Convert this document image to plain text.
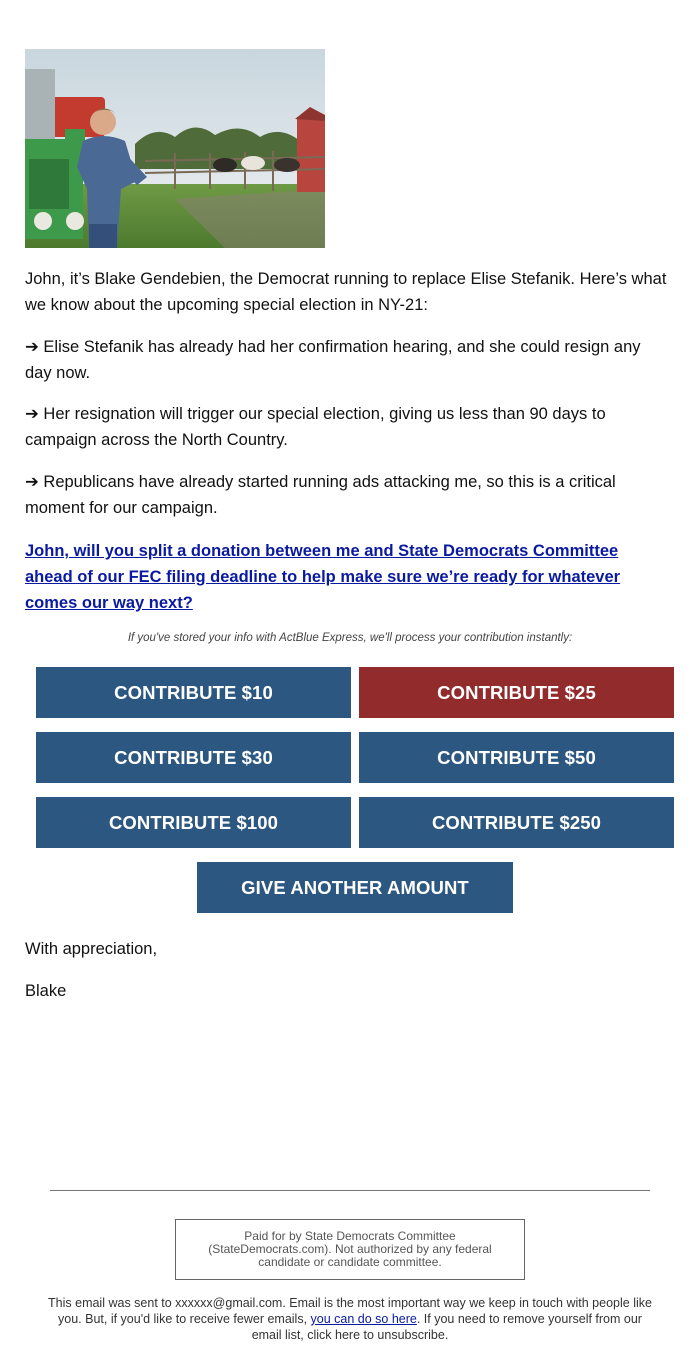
John, it’s Blake Gendebien, the Democrat running to replace Elise Stefanik. Here’s what we know about the upcoming special election in NY-21:

➔ Elise Stefanik has already had her confirmation hearing, and she could resign any day now.

➔ Her resignation will trigger our special election, giving us less than 90 days to campaign across the North Country.

➔ Republicans have already started running ads attacking me, so this is a critical moment for our campaign.

John, will you split a donation between me and State Democrats Committee ahead of our FEC filing deadline to help make sure we’re ready for whatever comes our way next?
If you've stored your info with ActBlue Express, we'll process your contribution instantly:
CONTRIBUTE $10	CONTRIBUTE $25
CONTRIBUTE $30	CONTRIBUTE $50
CONTRIBUTE $100	CONTRIBUTE $250
GIVE ANOTHER AMOUNT

With appreciation,

Blake

Paid for by State Democrats Committee (StateDemocrats.com). Not authorized by any federal candidate or candidate committee.
This email was sent to xxxxxx@gmail.com. Email is the most important way we keep in touch with people like you. But, if you'd like to receive fewer emails, you can do so here. If you need to remove yourself from our email list, click here to unsubscribe.
